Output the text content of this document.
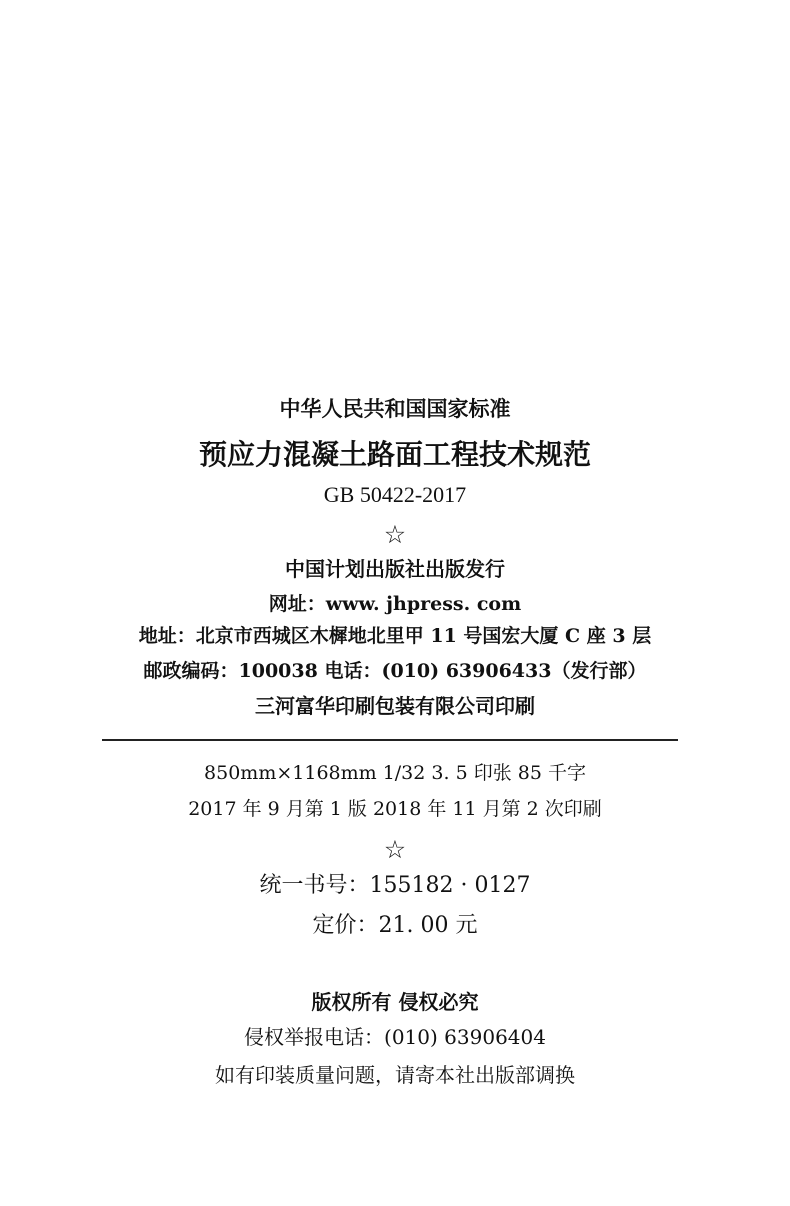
中华人民共和国国家标准
预应力混凝土路面工程技术规范
GB 50422-2017
☆
中国计划出版社出版发行
网址：www. jhpress. com
地址：北京市西城区木樨地北里甲 11 号国宏大厦 C 座 3 层
邮政编码：100038 电话：(010) 63906433（发行部）
三河富华印刷包装有限公司印刷
850mm×1168mm 1/32 3. 5 印张 85 千字
2017 年 9 月第 1 版 2018 年 11 月第 2 次印刷
☆
统一书号：155182 · 0127
定价：21. 00 元
版权所有 侵权必究
侵权举报电话：(010) 63906404
如有印装质量问题，请寄本社出版部调换
